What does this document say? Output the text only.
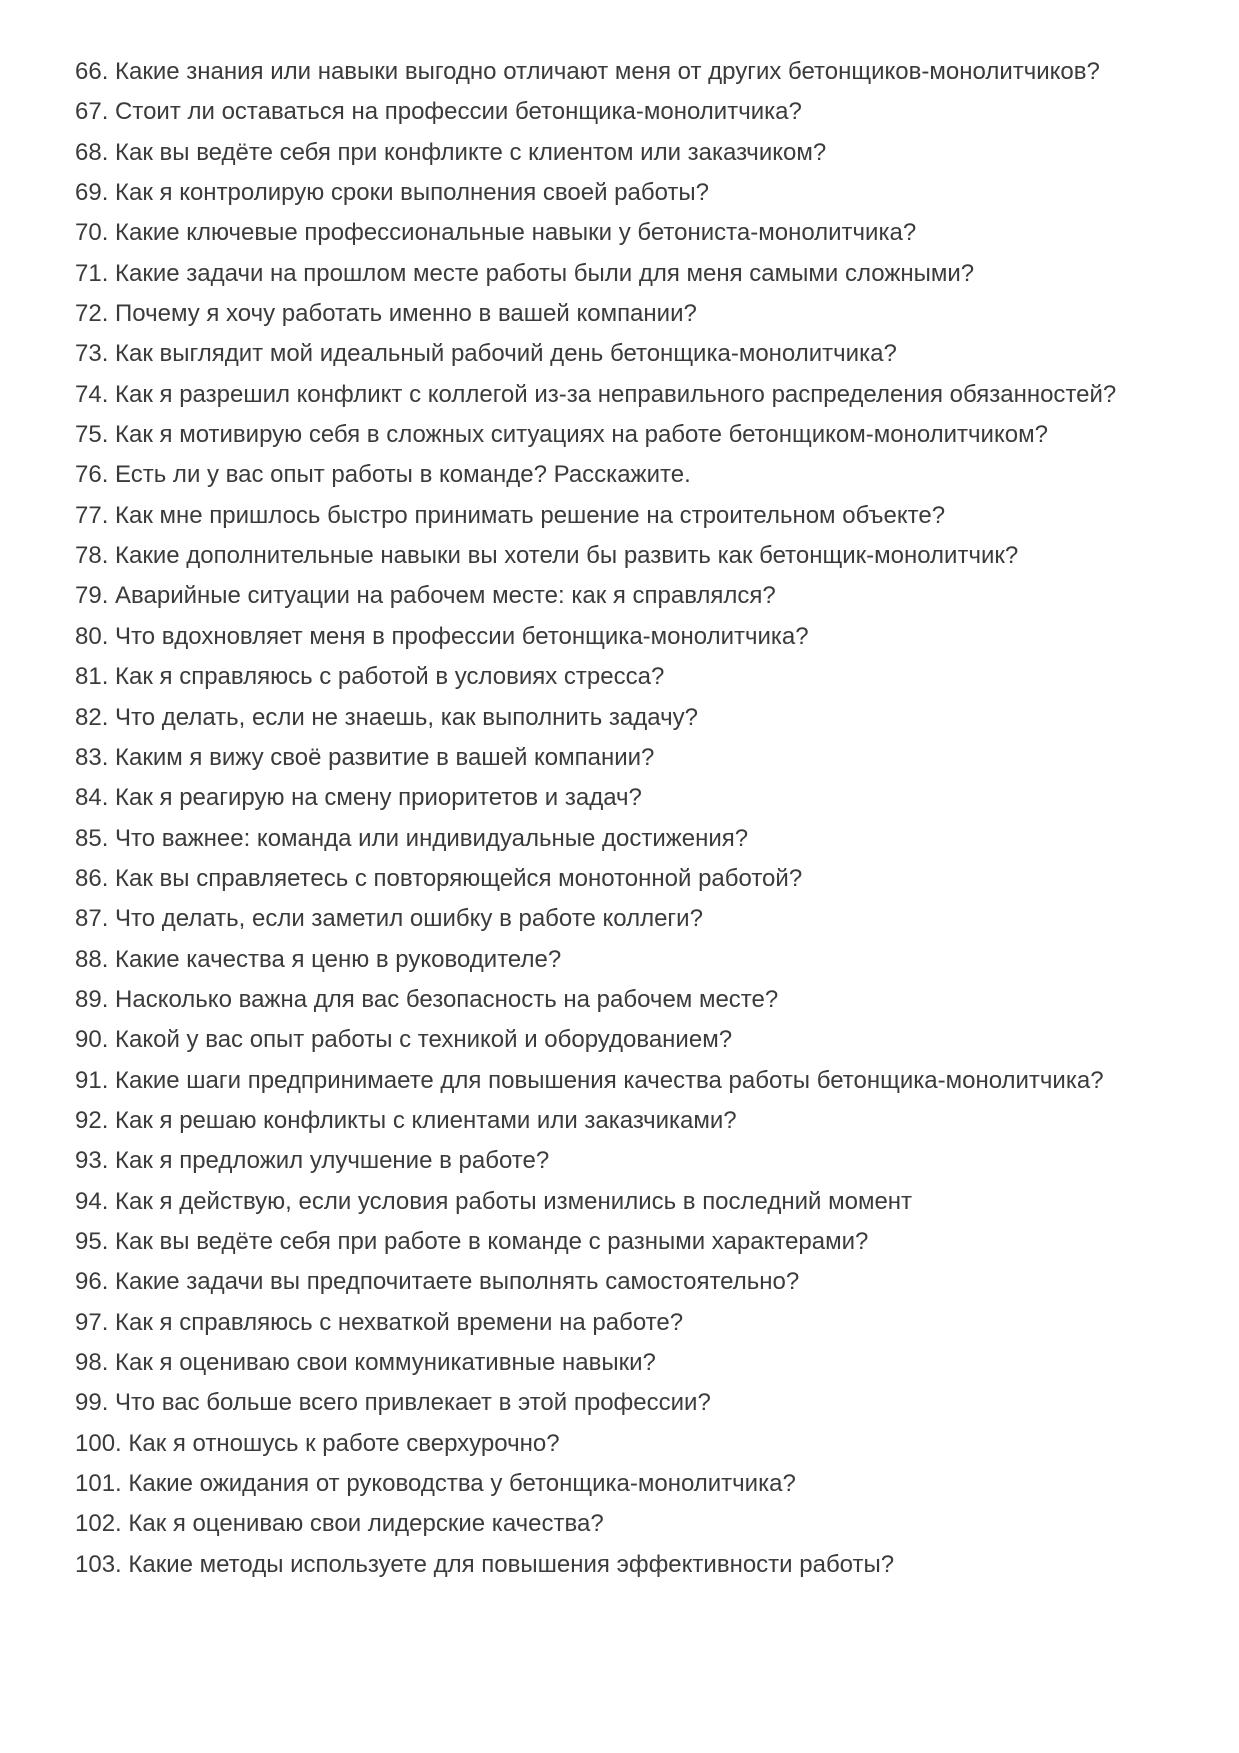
66. Какие знания или навыки выгодно отличают меня от других бетонщиков-монолитчиков?

67. Стоит ли оставаться на профессии бетонщика-монолитчика?

68. Как вы ведёте себя при конфликте с клиентом или заказчиком?

69. Как я контролирую сроки выполнения своей работы?

70. Какие ключевые профессиональные навыки у бетониста-монолитчика?

71. Какие задачи на прошлом месте работы были для меня самыми сложными?

72. Почему я хочу работать именно в вашей компании?

73. Как выглядит мой идеальный рабочий день бетонщика-монолитчика?

74. Как я разрешил конфликт с коллегой из-за неправильного распределения обязанностей?

75. Как я мотивирую себя в сложных ситуациях на работе бетонщиком-монолитчиком?

76. Есть ли у вас опыт работы в команде? Расскажите.

77. Как мне пришлось быстро принимать решение на строительном объекте?

78. Какие дополнительные навыки вы хотели бы развить как бетонщик-монолитчик?

79. Аварийные ситуации на рабочем месте: как я справлялся?

80. Что вдохновляет меня в профессии бетонщика-монолитчика?

81. Как я справляюсь с работой в условиях стресса?

82. Что делать, если не знаешь, как выполнить задачу?

83. Каким я вижу своё развитие в вашей компании?

84. Как я реагирую на смену приоритетов и задач?

85. Что важнее: команда или индивидуальные достижения?

86. Как вы справляетесь с повторяющейся монотонной работой?

87. Что делать, если заметил ошибку в работе коллеги?

88. Какие качества я ценю в руководителе?

89. Насколько важна для вас безопасность на рабочем месте?

90. Какой у вас опыт работы с техникой и оборудованием?

91. Какие шаги предпринимаете для повышения качества работы бетонщика-монолитчика?

92. Как я решаю конфликты с клиентами или заказчиками?

93. Как я предложил улучшение в работе?

94. Как я действую, если условия работы изменились в последний момент

95. Как вы ведёте себя при работе в команде с разными характерами?

96. Какие задачи вы предпочитаете выполнять самостоятельно?

97. Как я справляюсь с нехваткой времени на работе?

98. Как я оцениваю свои коммуникативные навыки?

99. Что вас больше всего привлекает в этой профессии?

100. Как я отношусь к работе сверхурочно?

101. Какие ожидания от руководства у бетонщика-монолитчика?

102. Как я оцениваю свои лидерские качества?

103. Какие методы используете для повышения эффективности работы?
